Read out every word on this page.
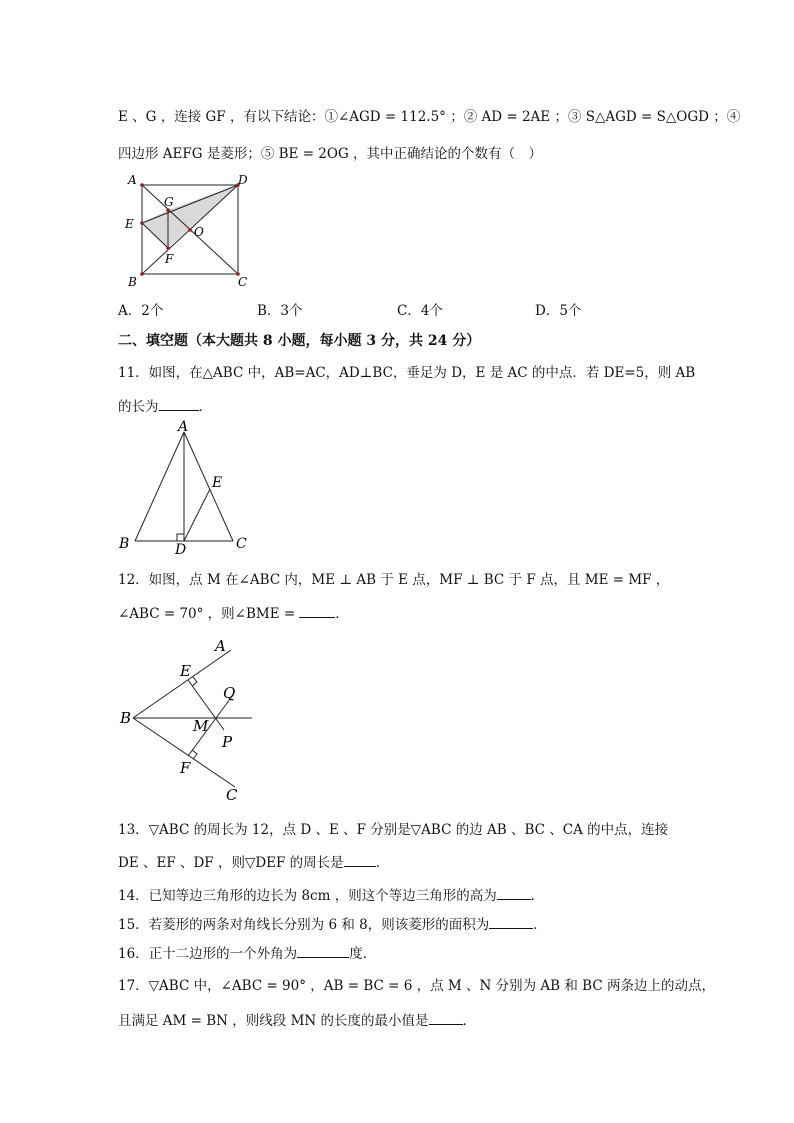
E 、G ，连接 GF ，有以下结论：①∠AGD = 112.5° ；② AD = 2AE ；③ S△AGD = S△OGD ；④
四边形 AEFG 是菱形；⑤ BE = 2OG ，其中正确结论的个数有（　）
A	D
G
E
O
F
B	C
A．2个	B．3个	C．4个	D．5个
二、填空题（本大题共 8 小题，每小题 3 分，共 24 分）
11．如图，在△ABC 中，AB=AC，AD⊥BC，垂足为 D，E 是 AC 的中点．若 DE=5，则 AB
的长为	．
A
E
B	D	C
12．如图，点 M 在∠ABC 内，ME ⊥ AB 于 E 点，MF ⊥ BC 于 F 点，且 ME = MF ，
∠ABC = 70° ，则∠BME =	．
A
E
Q
B	M
P
F
C
13．▽ABC 的周长为 12，点 D 、E 、F 分别是▽ABC 的边 AB 、BC 、CA 的中点，连接
DE 、EF 、DF ，则▽DEF 的周长是 ．
14．已知等边三角形的边长为 8cm ，则这个等边三角形的高为	．
15．若菱形的两条对角线长分别为 6 和 8，则该菱形的面积为	．
16．正十二边形的一个外角为	度.
17．▽ABC 中，∠ABC = 90° ，AB = BC = 6 ，点 M 、N 分别为 AB 和 BC 两条边上的动点，
且满足 AM = BN ，则线段 MN 的长度的最小值是	．
